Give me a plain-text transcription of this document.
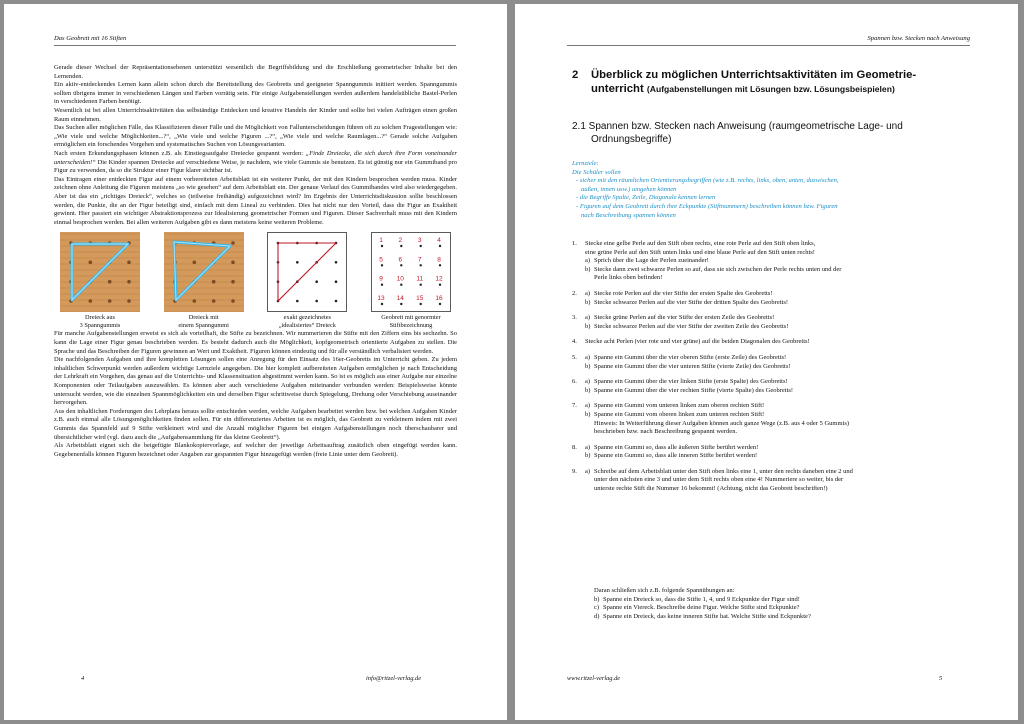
Das Geobrett mit 16 Stiften

Gerade dieser Wechsel der Repräsentationsebenen unterstützt wesentlich die Begriffsbildung und die Erschließung geometrischer Inhalte bei den Lernenden.

Ein aktiv-entdeckendes Lernen kann allein schon durch die Bereitstellung des Geobretts und geeigneter Spanngummis initiiert werden. Spanngummis sollten übrigens immer in verschiedenen Längen und Farben vorrätig sein. Für einige Aufgabenstellungen werden außerdem handelsübliche Bastel-Perlen in verschiedenen Farben benötigt.

Wesentlich ist bei allen Unterrichtsaktivitäten das selbständige Entdecken und kreative Handeln der Kinder und sollte bei vielen Aufträgen einen großen Raum einnehmen.

Das Suchen aller möglichen Fälle, das Klassifizieren dieser Fälle und die Möglichkeit von Fallunterscheidungen führen oft zu solchen Fragestellungen wie: „Wie viele und welche Möglichkeiten...?“, „Wie viele und welche Figuren ...?“, „Wie viele und welche Raumlagen...?“ Gerade solche Aufgaben ermöglichen ein forschendes Vorgehen und systematisches Suchen von Lösungsvarianten.

Nach ersten Erkundungsphasen können z.B. als Einstiegsaufgabe Dreiecke gespannt werden: „Finde Dreiecke, die sich durch ihre Form voneinander unterscheiden!“ Die Kinder spannen Dreiecke auf verschiedene Weise, je nachdem, wie viele Gummis sie benutzen. Es ist günstig nur ein Gummiband pro Figur zu verwenden, da so die Struktur einer Figur klarer sichtbar ist.

Das Eintragen einer entdeckten Figur auf einem vorbereiteten Arbeitsblatt ist ein weiterer Punkt, der mit den Kindern besprochen werden muss. Kinder zeichnen ohne Anleitung die Figuren meistens „so wie gesehen“ auf dem Arbeitsblatt ein. Der genaue Verlauf des Gummibandes wird also wiedergegeben. Aber ist das ein „richtiges Dreieck“, welches so (teilweise freihändig) aufgezeichnet wird? Im Ergebnis der Unterrichtsdiskussion sollte beschlossen werden, die Punkte, die an der Figur beteiligt sind, einfach mit dem Lineal zu verbinden. Dies hat nicht nur den Vorteil, dass die Figur an Exaktheit gewinnt. Hier passiert ein wichtiger Abstraktionsprozess zur Idealisierung geometrischer Formen und Figuren. Dieser Sachverhalt muss mit den Kindern einmal besprochen werden. Bei allen weiteren Aufgaben gibt es dann meistens keine weiteren Probleme.

Dreieck aus
3 Spanngummis
Dreieck mit
einem Spanngummi
exakt gezeichnetes
„idealisiertes“ Dreieck
1 2 3 4
5 6 7 8
9 10 11 12
13 14 15 16
Geobrett mit genormter
Stiftbezeichnung

Für manche Aufgabenstellungen erweist es sich als vorteilhaft, die Stifte zu bezeichnen. Wir nummerieren die Stifte mit den Ziffern eins bis sechzehn. So kann die Lage einer Figur genau beschrieben werden. Es besteht dadurch auch die Möglichkeit, kopfgeometrisch orientierte Aufgaben zu stellen. Die Sprache und das Beschreiben der Figuren gewinnen an Wert und Exaktheit. Figuren können eindeutig und für alle verständlich verbalisiert werden.

Die nachfolgenden Aufgaben und ihre kompletten Lösungen sollen eine Anregung für den Einsatz des 16er-Geobretts im Unterricht geben. Zu jedem inhaltlichen Schwerpunkt werden außerdem wichtige Lernziele angegeben. Die hier komplett aufbereiteten Aufgaben ermöglichen je nach Entscheidung der Lehrkraft ein Vorgehen, das genau auf die Unterrichts- und Klassensituation abgestimmt werden kann. So ist es möglich aus einer Aufgabe nur einzelne Komponenten oder Teilaufgaben auszuwählen. Es können aber auch verschiedene Aufgaben miteinander verbunden werden: Beispielsweise könnte untersucht werden, wie die einzelnen Spannmöglichkeiten ein und derselben Figur schrittweise durch Spiegelung, Drehung oder Verschiebung auseinander hervorgehen.

Aus den inhaltlichen Forderungen des Lehrplans heraus sollte entschieden werden, welche Aufgaben bearbeitet werden bzw. bei welchen Aufgaben Kinder z.B. auch einmal alle Lösungsmöglichkeiten finden sollen. Für ein differenziertes Arbeiten ist es möglich, das Geobrett zu verkleinern indem mit zwei Gummis das Spannfeld auf 9 Stifte verkleinert wird und die Anzahl möglicher Figuren bei einigen Aufgabenstellungen noch überschaubarer und übersichtlicher wird (vgl. dazu auch die „Aufgabensammlung für das kleine Geobrett“).

Als Arbeitsblatt eignet sich die beigefügte Blankokopiervorlage, auf welcher der jeweilige Arbeitsauftrag zusätzlich oben eingefügt werden kann. Gegebenenfalls können Figuren bezeichnet oder Angaben zur gespannten Figur hinzugefügt werden (freie Linie unter dem Geobrett).

4	info@ritzel-verlag.de
Spannen bzw. Stecken nach Anweisung
2	Überblick zu möglichen Unterrichtsaktivitäten im Geometrie-
unterricht (Aufgabenstellungen mit Lösungen bzw. Lösungsbeispielen)
2.1 Spannen bzw. Stecken nach Anweisung (raumgeometrische Lage- und
Ordnungsbegriffe)
Lernziele:
Die Schüler sollen
- sicher mit den räumlichen Orientierungsbegriffen (wie z.B. rechts, links, oben, unten, dazwischen,
außen, innen usw.) umgehen können
- die Begriffe Spalte, Zeile, Diagonale kennen lernen
- Figuren auf dem Geobrett durch ihre Eckpunkte (Stiftnummern) beschreiben können bzw. Figuren
nach Beschreibung spannen können
1.	Stecke eine gelbe Perle auf den Stift oben rechts, eine rote Perle auf den Stift oben links,
eine grüne Perle auf den Stift unten links und eine blaue Perle auf den Stift unten rechts!
a) Sprich über die Lage der Perlen zueinander!
b) Stecke dann zwei schwarze Perlen so auf, dass sie sich zwischen der Perle rechts unten und der
Perle links oben befinden!
2.	a) Stecke rote Perlen auf die vier Stifte der ersten Spalte des Geobretts!
b) Stecke schwarze Perlen auf die vier Stifte der dritten Spalte des Geobretts!
3.	a) Stecke grüne Perlen auf die vier Stifte der ersten Zeile des Geobretts!
b) Stecke schwarze Perlen auf die vier Stifte der zweiten Zeile des Geobretts!
4.	Stecke acht Perlen (vier rote und vier grüne) auf die beiden Diagonalen des Geobretts!
5.	a) Spanne ein Gummi über die vier oberen Stifte (erste Zeile) des Geobretts!
b) Spanne ein Gummi über die vier unteren Stifte (vierte Zeile) des Geobretts!
6.	a) Spanne ein Gummi über die vier linken Stifte (erste Spalte) des Geobretts!
b) Spanne ein Gummi über die vier rechten Stifte (vierte Spalte) des Geobretts!
7.	a) Spanne ein Gummi vom unteren linken zum oberen rechten Stift!
b) Spanne ein Gummi vom oberen linken zum unteren rechten Stift!
Hinweis: In Weiterführung dieser Aufgaben können auch ganze Wege (z.B. aus 4 oder 5 Gummis)
beschrieben bzw. nach Beschreibung gespannt werden.
8.	a) Spanne ein Gummi so, dass alle äußeren Stifte berührt werden!
b) Spanne ein Gummi so, dass alle inneren Stifte berührt werden!
9.	a) Schreibe auf dem Arbeitsblatt unter den Stift oben links eine 1, unter den rechts daneben eine 2 und
unter den nächsten eine 3 und unter dem Stift rechts oben eine 4! Nummeriere so weiter, bis der
unterste rechte Stift die Nummer 16 bekommt! (Achtung, nicht das Geobrett beschriften!)
Daran schließen sich z.B. folgende Spannübungen an:
b) Spanne ein Dreieck so, dass die Stifte 1, 4, und 9 Eckpunkte der Figur sind!
c) Spanne ein Viereck. Beschreibe deine Figur. Welche Stifte sind Eckpunkte?
d) Spanne ein Dreieck, das keine inneren Stifte hat. Welche Stifte sind Eckpunkte?
www.ritzel-verlag.de	5
